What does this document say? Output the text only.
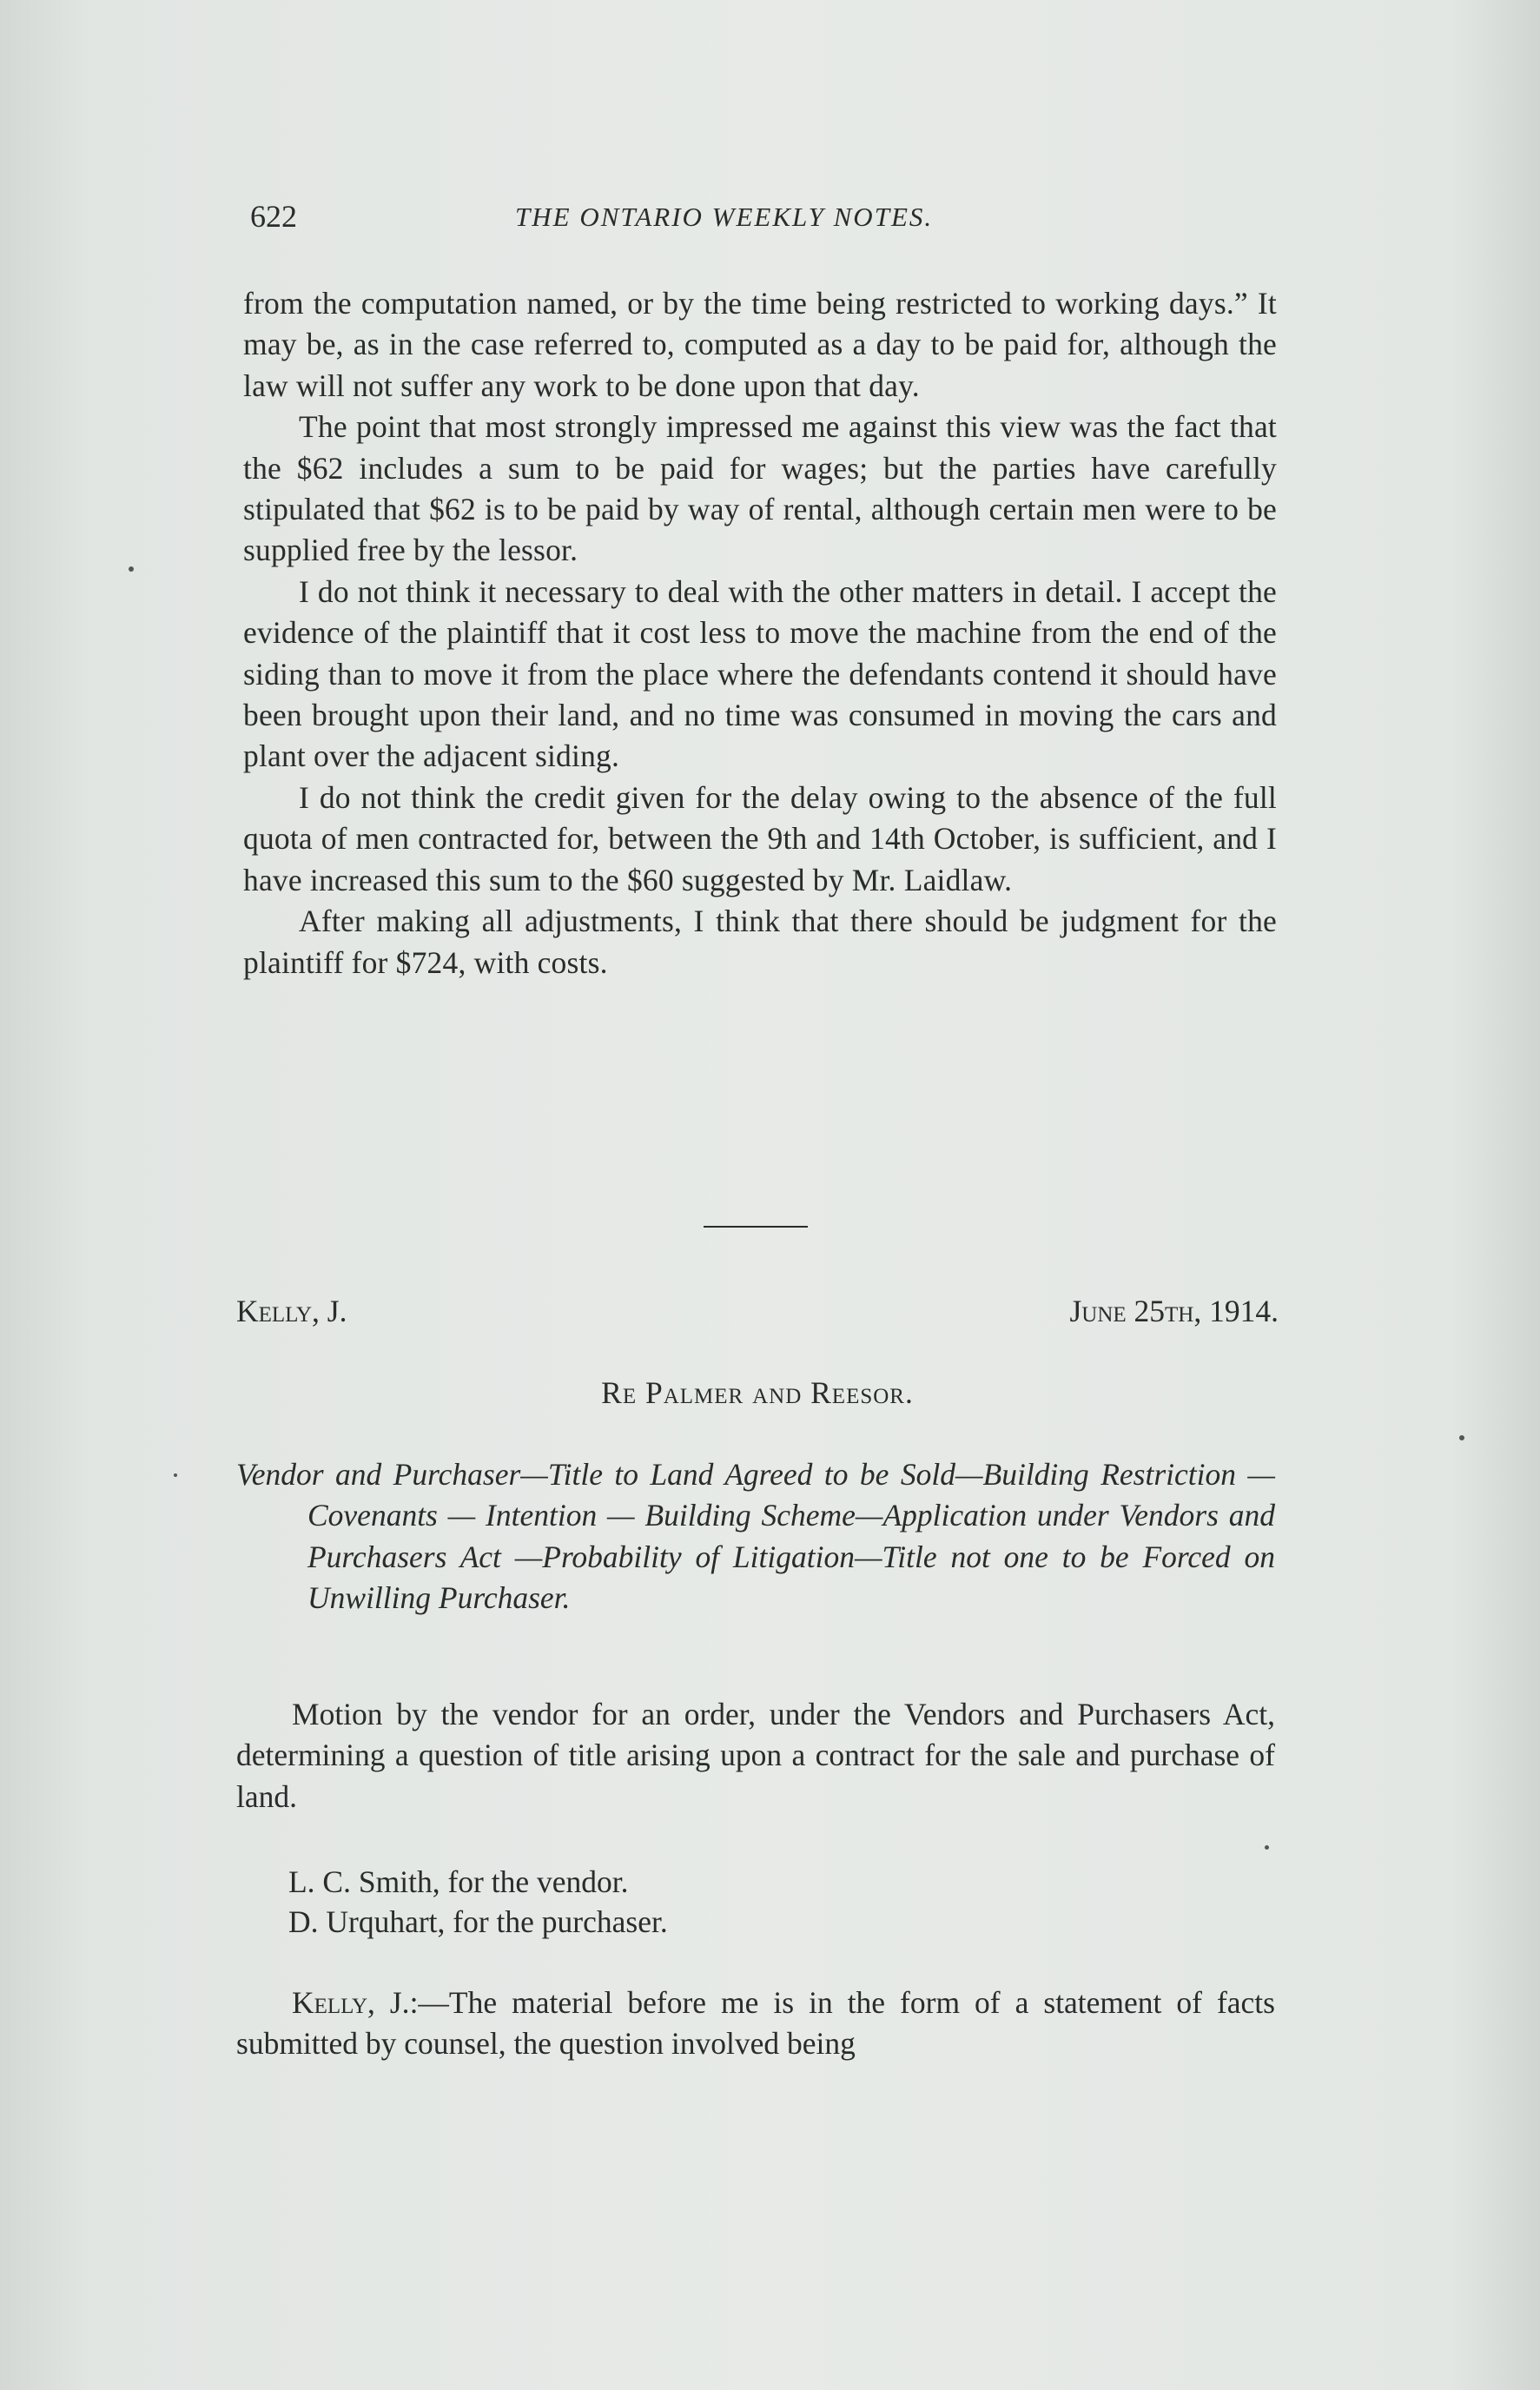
622	THE ONTARIO WEEKLY NOTES.

from the computation named, or by the time being restricted to working days.” It may be, as in the case referred to, computed as a day to be paid for, although the law will not suffer any work to be done upon that day.

The point that most strongly impressed me against this view was the fact that the $62 includes a sum to be paid for wages; but the parties have carefully stipulated that $62 is to be paid by way of rental, although certain men were to be supplied free by the lessor.

I do not think it necessary to deal with the other matters in detail. I accept the evidence of the plaintiff that it cost less to move the machine from the end of the siding than to move it from the place where the defendants contend it should have been brought upon their land, and no time was consumed in moving the cars and plant over the adjacent siding.

I do not think the credit given for the delay owing to the absence of the full quota of men contracted for, between the 9th and 14th October, is sufficient, and I have increased this sum to the $60 suggested by Mr. Laidlaw.

After making all adjustments, I think that there should be judgment for the plaintiff for $724, with costs.

Kelly, J.	June 25th, 1914.
Re Palmer and Reesor.
Vendor and Purchaser—Title to Land Agreed to be Sold—Building Restriction — Covenants — Intention — Building Scheme—Application under Vendors and Purchasers Act —Probability of Litigation—Title not one to be Forced on Unwilling Purchaser.

Motion by the vendor for an order, under the Vendors and Purchasers Act, determining a question of title arising upon a contract for the sale and purchase of land.

L. C. Smith, for the vendor.
D. Urquhart, for the purchaser.

Kelly, J.:—The material before me is in the form of a statement of facts submitted by counsel, the question involved being
